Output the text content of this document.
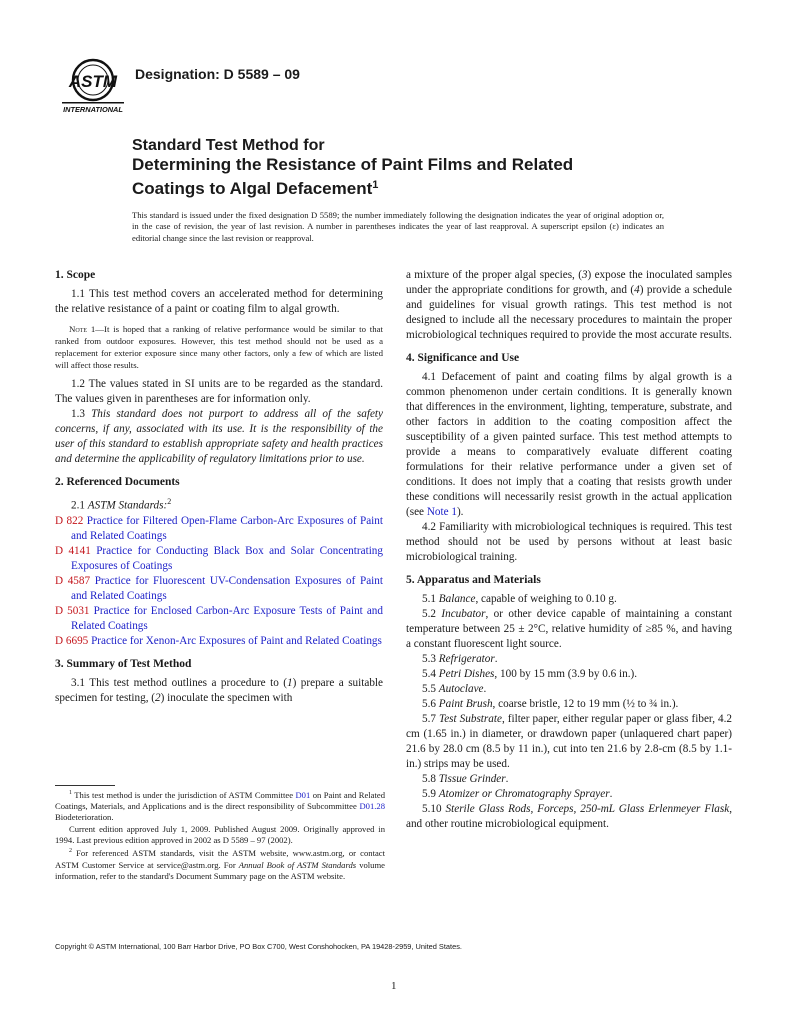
ASTM
INTERNATIONAL
Designation: D 5589 – 09
Standard Test Method for
Determining the Resistance of Paint Films and Related
Coatings to Algal Defacement$^1$
This standard is issued under the fixed designation D 5589; the number immediately following the designation indicates the year of original adoption or, in the case of revision, the year of last revision. A number in parentheses indicates the year of last reapproval. A superscript epsilon (ε) indicates an editorial change since the last revision or reapproval.

1. Scope

1.1 This test method covers an accelerated method for determining the relative resistance of a paint or coating film to algal growth.

Note 1—It is hoped that a ranking of relative performance would be similar to that ranked from outdoor exposures. However, this test method should not be used as a replacement for exterior exposure since many other factors, only a few of which are listed will affect those results.

1.2 The values stated in SI units are to be regarded as the standard. The values given in parentheses are for information only.

1.3 This standard does not purport to address all of the safety concerns, if any, associated with its use. It is the responsibility of the user of this standard to establish appropriate safety and health practices and determine the applicability of regulatory limitations prior to use.

2. Referenced Documents

2.1 ASTM Standards:$^2$

D 822 Practice for Filtered Open-Flame Carbon-Arc Exposures of Paint and Related Coatings

D 4141 Practice for Conducting Black Box and Solar Concentrating Exposures of Coatings

D 4587 Practice for Fluorescent UV-Condensation Exposures of Paint and Related Coatings

D 5031 Practice for Enclosed Carbon-Arc Exposure Tests of Paint and Related Coatings

D 6695 Practice for Xenon-Arc Exposures of Paint and Related Coatings

3. Summary of Test Method

3.1 This test method outlines a procedure to (1) prepare a suitable specimen for testing, (2) inoculate the specimen with

a mixture of the proper algal species, (3) expose the inoculated samples under the appropriate conditions for growth, and (4) provide a schedule and guidelines for visual growth ratings. This test method is not designed to include all the necessary procedures to maintain the proper microbiological techniques required to provide the most accurate results.

4. Significance and Use

4.1 Defacement of paint and coating films by algal growth is a common phenomenon under certain conditions. It is generally known that differences in the environment, lighting, temperature, substrate, and other factors in addition to the coating composition affect the susceptibility of a given painted surface. This test method attempts to provide a means to comparatively evaluate different coating formulations for their relative performance under a given set of conditions. It does not imply that a coating that resists growth under these conditions will necessarily resist growth in the actual application (see Note 1).

4.2 Familiarity with microbiological techniques is required. This test method should not be used by persons without at least basic microbiological training.

5. Apparatus and Materials

5.1 Balance, capable of weighing to 0.10 g.

5.2 Incubator, or other device capable of maintaining a constant temperature between 25 ± 2°C, relative humidity of ≥85 %, and having a constant fluorescent light source.

5.3 Refrigerator.

5.4 Petri Dishes, 100 by 15 mm (3.9 by 0.6 in.).

5.5 Autoclave.

5.6 Paint Brush, coarse bristle, 12 to 19 mm (½ to ¾ in.).

5.7 Test Substrate, filter paper, either regular paper or glass fiber, 4.2 cm (1.65 in.) in diameter, or drawdown paper (unlaquered chart paper) 21.6 by 28.0 cm (8.5 by 11 in.), cut into ten 21.6 by 2.8-cm (8.5 by 1.1-in.) strips may be used.

5.8 Tissue Grinder.

5.9 Atomizer or Chromatography Sprayer.

5.10 Sterile Glass Rods, Forceps, 250-mL Glass Erlenmeyer Flask, and other routine microbiological equipment.

$^1$ This test method is under the jurisdiction of ASTM Committee D01 on Paint and Related Coatings, Materials, and Applications and is the direct responsibility of Subcommittee D01.28 Biodeterioration.

Current edition approved July 1, 2009. Published August 2009. Originally approved in 1994. Last previous edition approved in 2002 as D 5589 – 97 (2002).

$^2$ For referenced ASTM standards, visit the ASTM website, www.astm.org, or contact ASTM Customer Service at service@astm.org. For Annual Book of ASTM Standards volume information, refer to the standard's Document Summary page on the ASTM website.

Copyright © ASTM International, 100 Barr Harbor Drive, PO Box C700, West Conshohocken, PA 19428-2959, United States.
1
